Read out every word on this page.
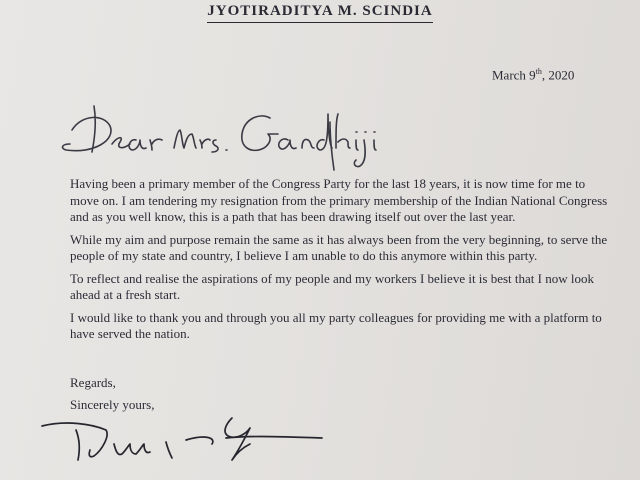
JYOTIRADITYA M. SCINDIA
March 9th, 2020

Having been a primary member of the Congress Party for the last 18 years, it is now time for me to move on. I am tendering my resignation from the primary membership of the Indian National Congress and as you well know, this is a path that has been drawing itself out over the last year.

While my aim and purpose remain the same as it has always been from the very beginning, to serve the people of my state and country, I believe I am unable to do this anymore within this party.

To reflect and realise the aspirations of my people and my workers I believe it is best that I now look ahead at a fresh start.

I would like to thank you and through you all my party colleagues for providing me with a platform to have served the nation.

Regards,
Sincerely yours,
